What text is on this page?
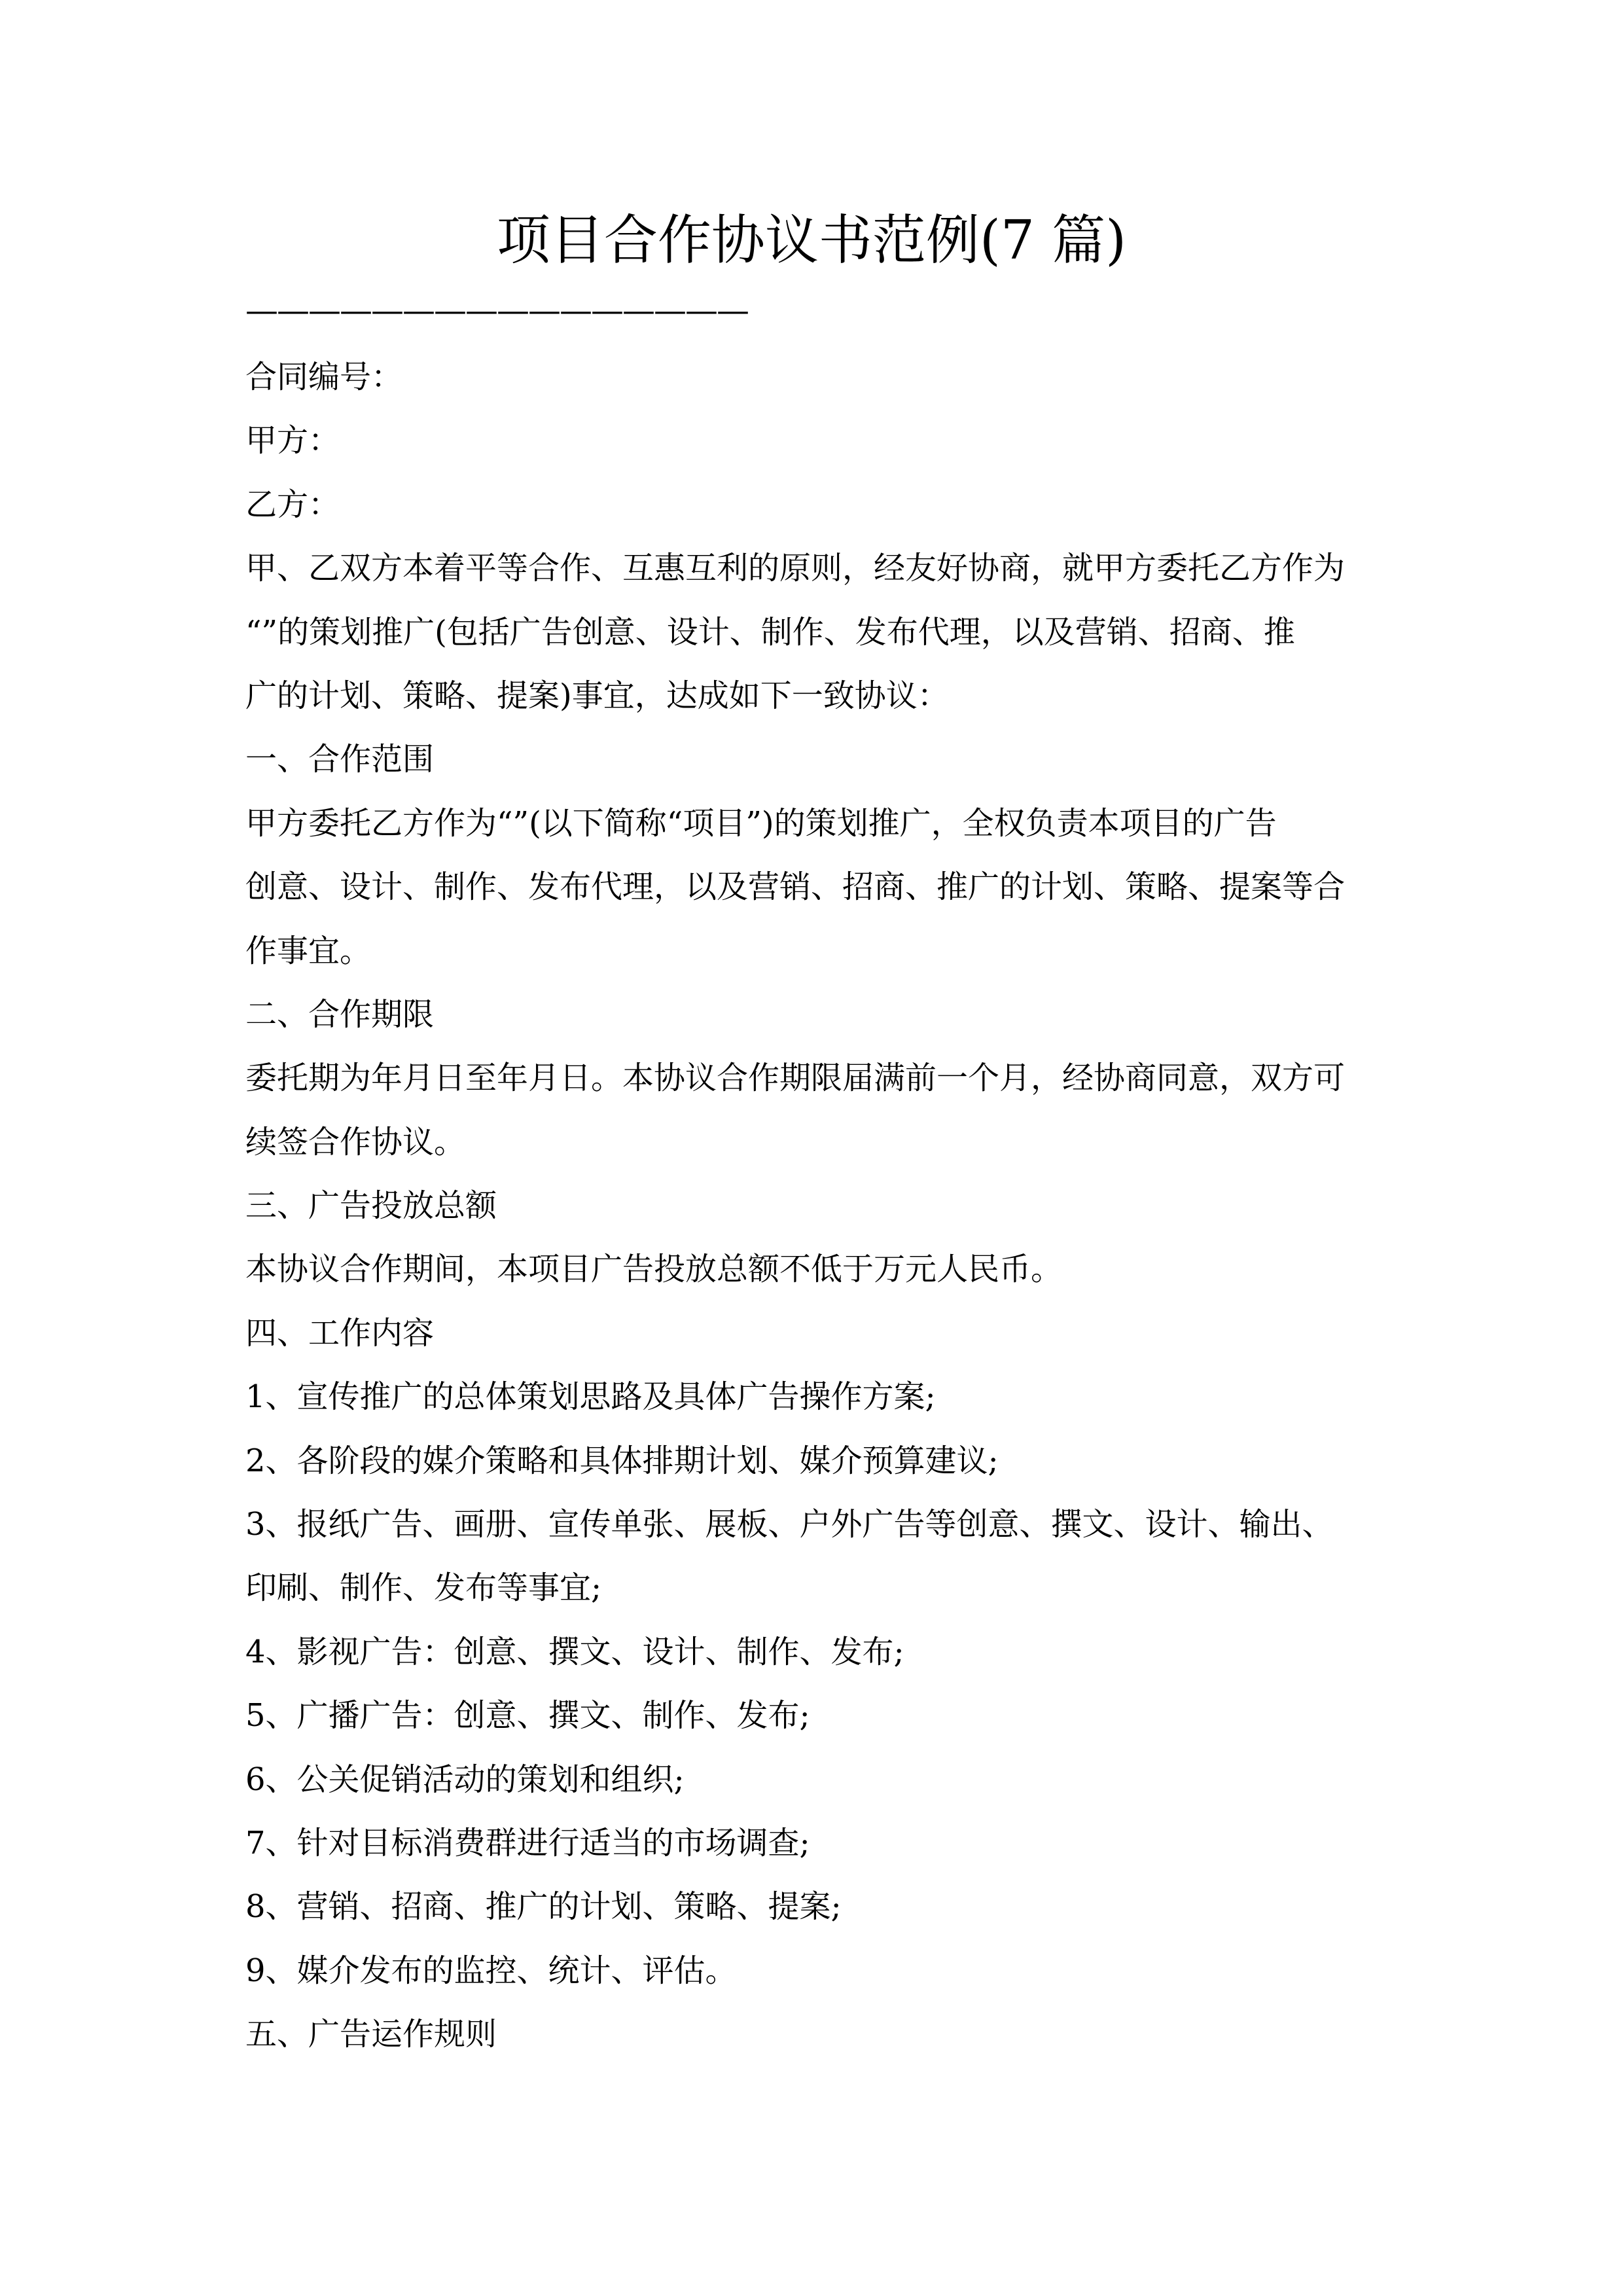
项目合作协议书范例(7 篇)
————————————————
合同编号：
甲方：
乙方：
甲、乙双方本着平等合作、互惠互利的原则，经友好协商，就甲方委托乙方作为
“”的策划推广(包括广告创意、设计、制作、发布代理，以及营销、招商、推
广的计划、策略、提案)事宜，达成如下一致协议：
一、合作范围
甲方委托乙方作为“”(以下简称“项目”)的策划推广，全权负责本项目的广告
创意、设计、制作、发布代理，以及营销、招商、推广的计划、策略、提案等合
作事宜。
二、合作期限
委托期为年月日至年月日。本协议合作期限届满前一个月，经协商同意，双方可
续签合作协议。
三、广告投放总额
本协议合作期间，本项目广告投放总额不低于万元人民币。
四、工作内容
1、宣传推广的总体策划思路及具体广告操作方案;
2、各阶段的媒介策略和具体排期计划、媒介预算建议;
3、报纸广告、画册、宣传单张、展板、户外广告等创意、撰文、设计、输出、
印刷、制作、发布等事宜;
4、影视广告：创意、撰文、设计、制作、发布;
5、广播广告：创意、撰文、制作、发布;
6、公关促销活动的策划和组织;
7、针对目标消费群进行适当的市场调查;
8、营销、招商、推广的计划、策略、提案;
9、媒介发布的监控、统计、评估。
五、广告运作规则
